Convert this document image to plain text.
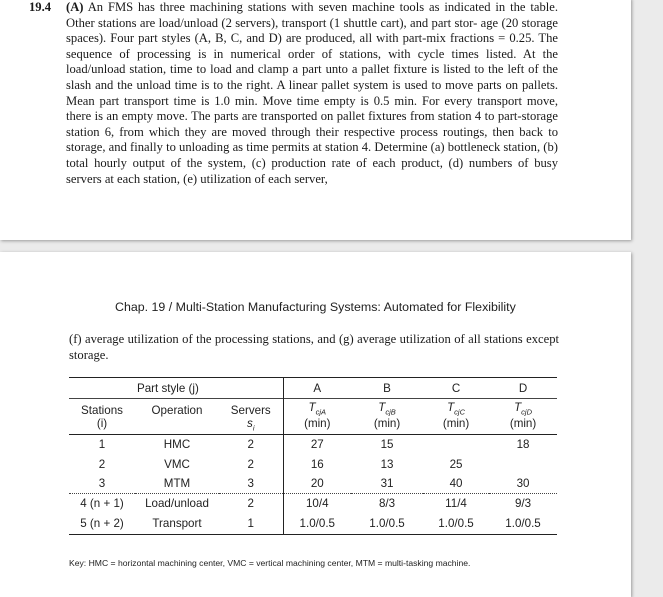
19.4 (A) An FMS has three machining stations with seven machine tools as indicated in the table. Other stations are load/unload (2 servers), transport (1 shuttle cart), and part stor- age (20 storage spaces). Four part styles (A, B, C, and D) are produced, all with part-mix fractions = 0.25. The sequence of processing is in numerical order of stations, with cycle times listed. At the load/unload station, time to load and clamp a part unto a pallet fixture is listed to the left of the slash and the unload time is to the right. A linear pallet system is used to move parts on pallets. Mean part transport time is 1.0 min. Move time empty is 0.5 min. For every transport move, there is an empty move. The parts are transported on pallet fixtures from station 4 to part-storage station 6, from which they are moved through their respective process routings, then back to storage, and finally to unloading as time permits at station 4. Determine (a) bottleneck station, (b) total hourly output of the system, (c) production rate of each product, (d) numbers of busy servers at each station, (e) utilization of each server,
Chap. 19 / Multi-Station Manufacturing Systems: Automated for Flexibility
(f) average utilization of the processing stations, and (g) average utilization of all stations except storage.
Part style (j)			A	B	C	D
Stations	Operation	Servers	$T_{cjA}$	$T_{cjB}$	$T_{cjC}$	$T_{cjD}$
(i)		$s_i$	(min)	(min)	(min)	(min)
1	HMC	2	27	15		18
2	VMC	2	16	13	25	
3	MTM	3	20	31	40	30
4 (n + 1)	Load/unload	2	10/4	8/3	11/4	9/3
5 (n + 2)	Transport	1	1.0/0.5	1.0/0.5	1.0/0.5	1.0/0.5
Key: HMC = horizontal machining center, VMC = vertical machining center, MTM = multi-tasking machine.
